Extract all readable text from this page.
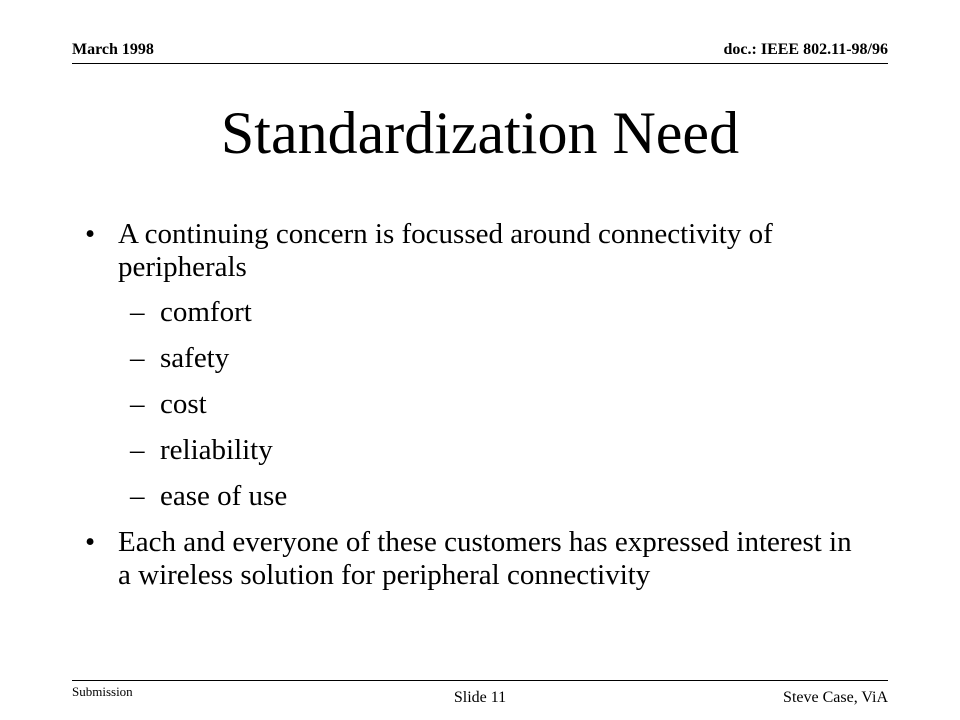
March 1998	doc.: IEEE 802.11-98/96
Standardization Need
• A continuing concern is focussed around connectivity of peripherals
– comfort
– safety
– cost
– reliability
– ease of use
• Each and everyone of these customers has expressed interest in a wireless solution for peripheral connectivity
Submission	Slide 11	Steve Case, ViA
